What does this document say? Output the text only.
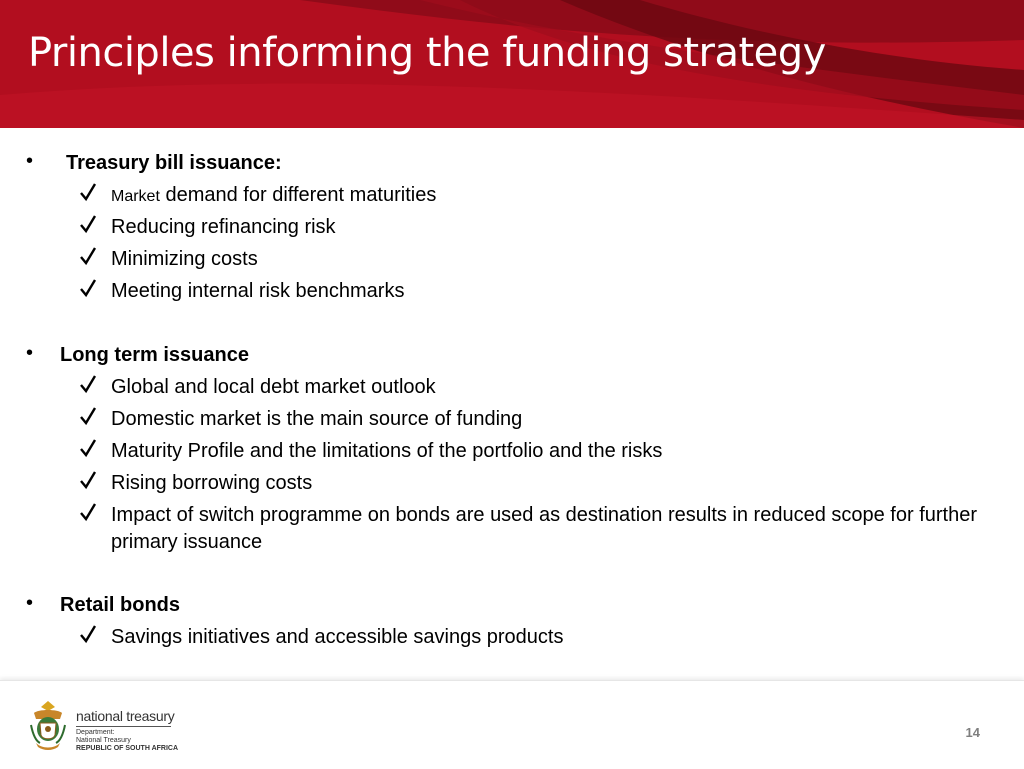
Principles informing the funding strategy
• Treasury bill issuance:
Market demand for different maturities
Reducing refinancing risk
Minimizing costs
Meeting internal risk benchmarks
• Long term issuance
Global and local debt market outlook
Domestic market is the main source of funding
Maturity Profile and the limitations of the portfolio and the risks
Rising borrowing costs
Impact of switch programme on bonds are used as destination results in reduced scope for further primary issuance
• Retail bonds
Savings initiatives and accessible savings products
national treasury
Department:
National Treasury
REPUBLIC OF SOUTH AFRICA
14
